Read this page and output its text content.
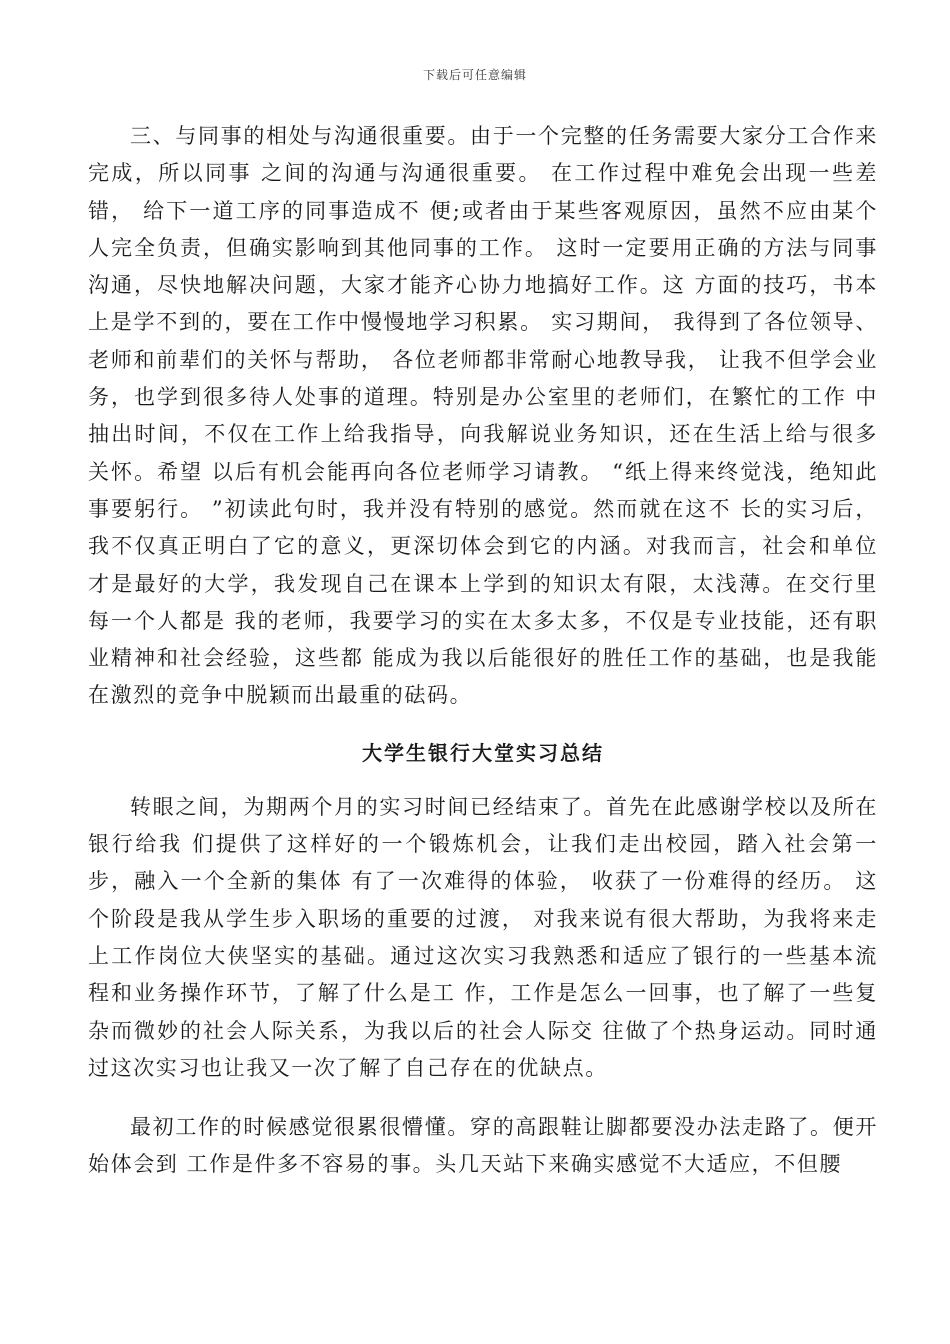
下载后可任意编辑

三、与同事的相处与沟通很重要。由于一个完整的任务需要大家分工合作来完成，所以同事 之间的沟通与沟通很重要。 在工作过程中难免会出现一些差错， 给下一道工序的同事造成不 便;或者由于某些客观原因，虽然不应由某个人完全负责，但确实影响到其他同事的工作。 这时一定要用正确的方法与同事沟通，尽快地解决问题，大家才能齐心协力地搞好工作。这 方面的技巧，书本上是学不到的，要在工作中慢慢地学习积累。 实习期间， 我得到了各位领导、 老师和前辈们的关怀与帮助， 各位老师都非常耐心地教导我， 让我不但学会业务，也学到很多待人处事的道理。特别是办公室里的老师们，在繁忙的工作 中抽出时间，不仅在工作上给我指导，向我解说业务知识，还在生活上给与很多关怀。希望 以后有机会能再向各位老师学习请教。 “纸上得来终觉浅，绝知此事要躬行。 ”初读此句时，我并没有特别的感觉。然而就在这不 长的实习后，我不仅真正明白了它的意义，更深切体会到它的内涵。对我而言，社会和单位 才是最好的大学，我发现自己在课本上学到的知识太有限，太浅薄。在交行里每一个人都是 我的老师，我要学习的实在太多太多，不仅是专业技能，还有职业精神和社会经验，这些都 能成为我以后能很好的胜任工作的基础，也是我能在激烈的竞争中脱颖而出最重的砝码。

大学生银行大堂实习总结

转眼之间，为期两个月的实习时间已经结束了。首先在此感谢学校以及所在银行给我 们提供了这样好的一个锻炼机会，让我们走出校园，踏入社会第一步，融入一个全新的集体 有了一次难得的体验， 收获了一份难得的经历。 这个阶段是我从学生步入职场的重要的过渡， 对我来说有很大帮助，为我将来走上工作岗位大侠坚实的基础。通过这次实习我熟悉和适应了银行的一些基本流程和业务操作环节，了解了什么是工 作，工作是怎么一回事，也了解了一些复杂而微妙的社会人际关系，为我以后的社会人际交 往做了个热身运动。同时通过这次实习也让我又一次了解了自己存在的优缺点。

最初工作的时候感觉很累很懵懂。穿的高跟鞋让脚都要没办法走路了。便开始体会到 工作是件多不容易的事。头几天站下来确实感觉不大适应，不但腰
